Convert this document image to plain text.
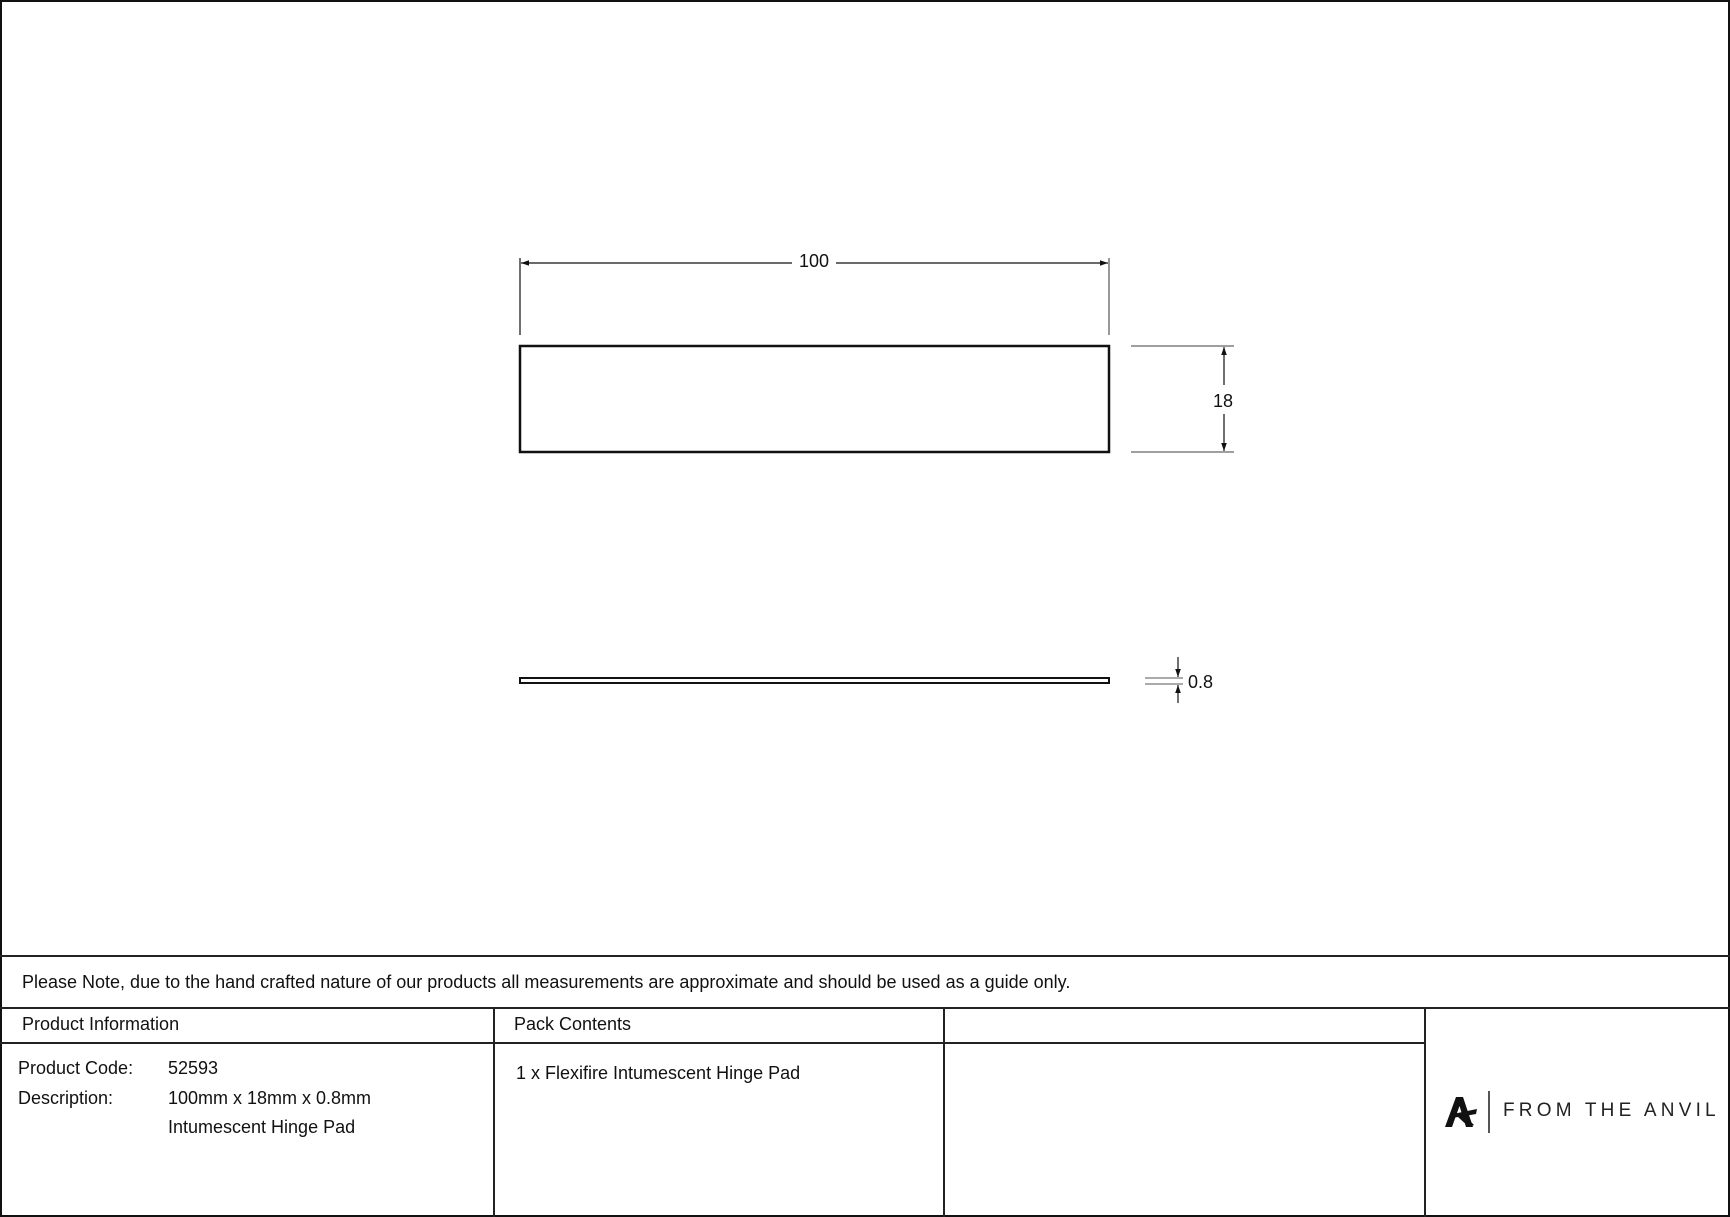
100
18
0.8
Please Note, due to the hand crafted nature of our products all measurements are approximate and should be used as a guide only.
Product Information
Product Code: 52593
Description:	100mm x 18mm x 0.8mm
Intumescent Hinge Pad
Pack Contents
1 x Flexifire Intumescent Hinge Pad
FROM THE ANVIL
